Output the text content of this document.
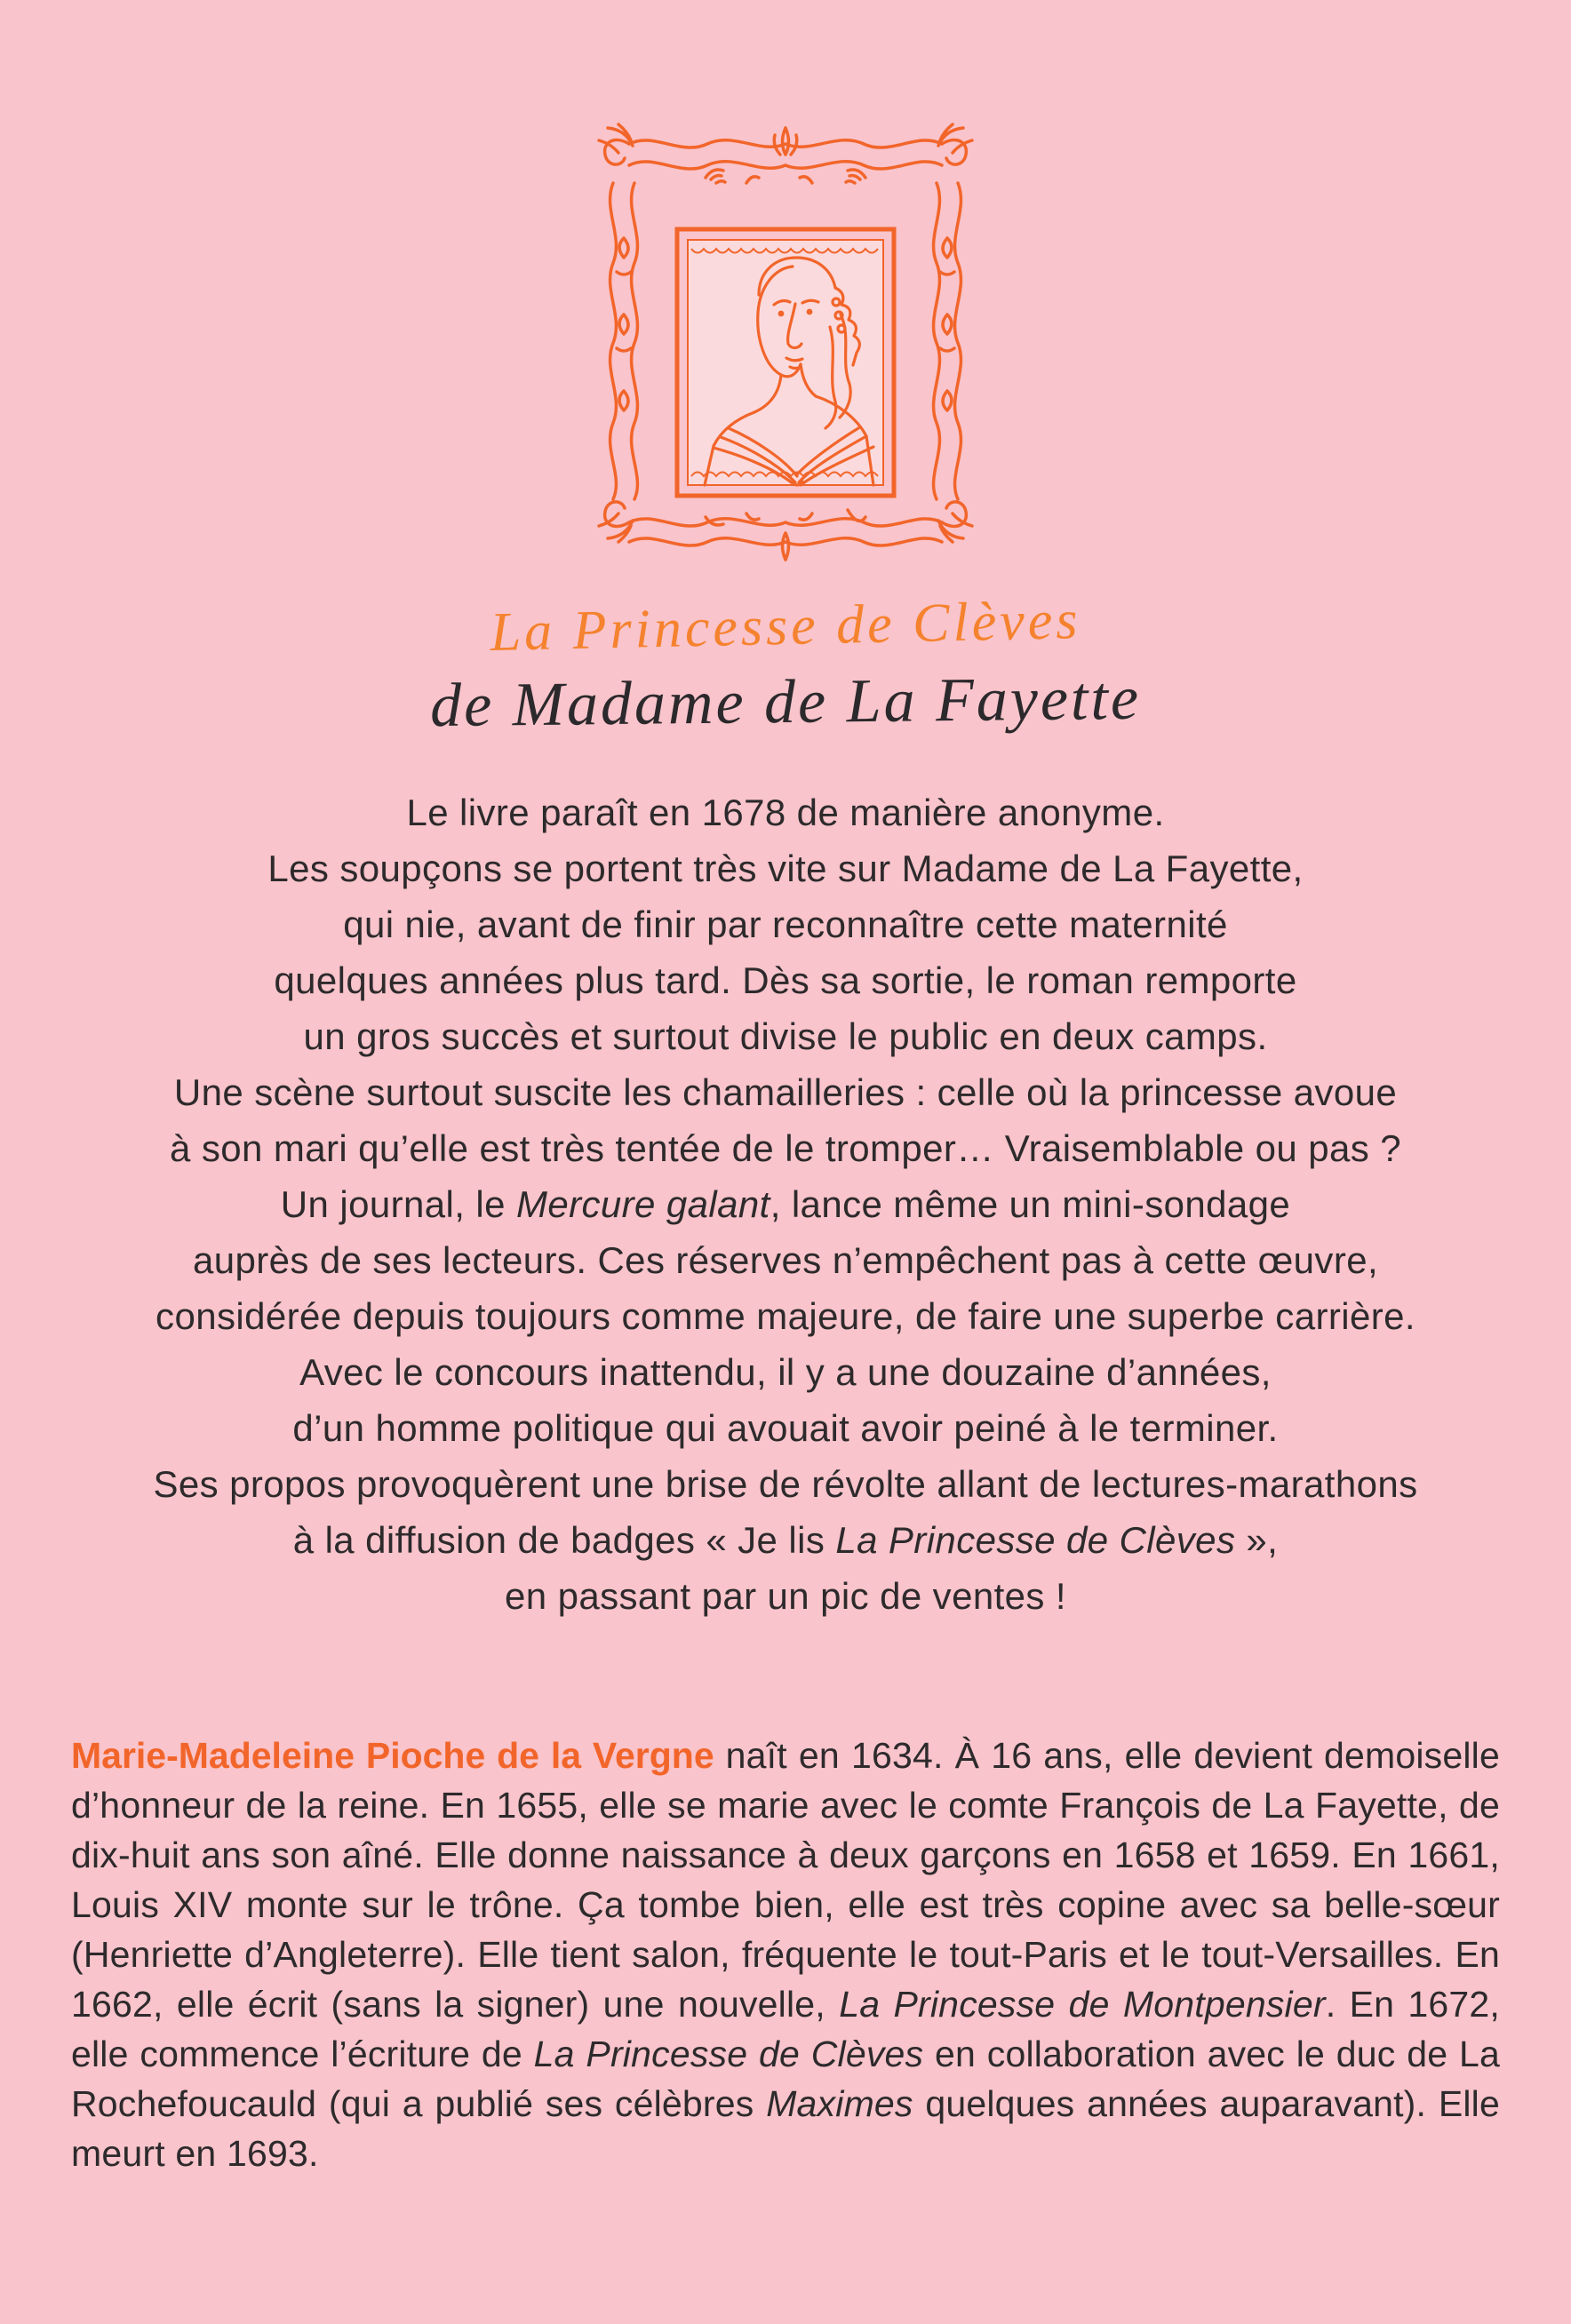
La Princesse de Clèves
de Madame de La Fayette
Le livre paraît en 1678 de manière anonyme.
Les soupçons se portent très vite sur Madame de La Fayette,
qui nie, avant de finir par reconnaître cette maternité
quelques années plus tard. Dès sa sortie, le roman remporte
un gros succès et surtout divise le public en deux camps.
Une scène surtout suscite les chamailleries : celle où la princesse avoue
à son mari qu’elle est très tentée de le tromper… Vraisemblable ou pas ?
Un journal, le Mercure galant, lance même un mini-sondage
auprès de ses lecteurs. Ces réserves n’empêchent pas à cette œuvre,
considérée depuis toujours comme majeure, de faire une superbe carrière.
Avec le concours inattendu, il y a une douzaine d’années,
d’un homme politique qui avouait avoir peiné à le terminer.
Ses propos provoquèrent une brise de révolte allant de lectures-marathons
à la diffusion de badges « Je lis La Princesse de Clèves »,
en passant par un pic de ventes !

Marie-Madeleine Pioche de la Vergne naît en 1634. À 16 ans, elle devient demoiselle d’honneur de la reine. En 1655, elle se marie avec le comte François de La Fayette, de dix-huit ans son aîné. Elle donne naissance à deux garçons en 1658 et 1659. En 1661, Louis XIV monte sur le trône. Ça tombe bien, elle est très copine avec sa belle-sœur (Henriette d’Angleterre). Elle tient salon, fréquente le tout-Paris et le tout-Versailles. En 1662, elle écrit (sans la signer) une nouvelle, La Princesse de Montpensier. En 1672, elle commence l’écriture de La Princesse de Clèves en collaboration avec le duc de La Rochefoucauld (qui a publié ses célèbres Maximes quelques années auparavant). Elle meurt en 1693.
